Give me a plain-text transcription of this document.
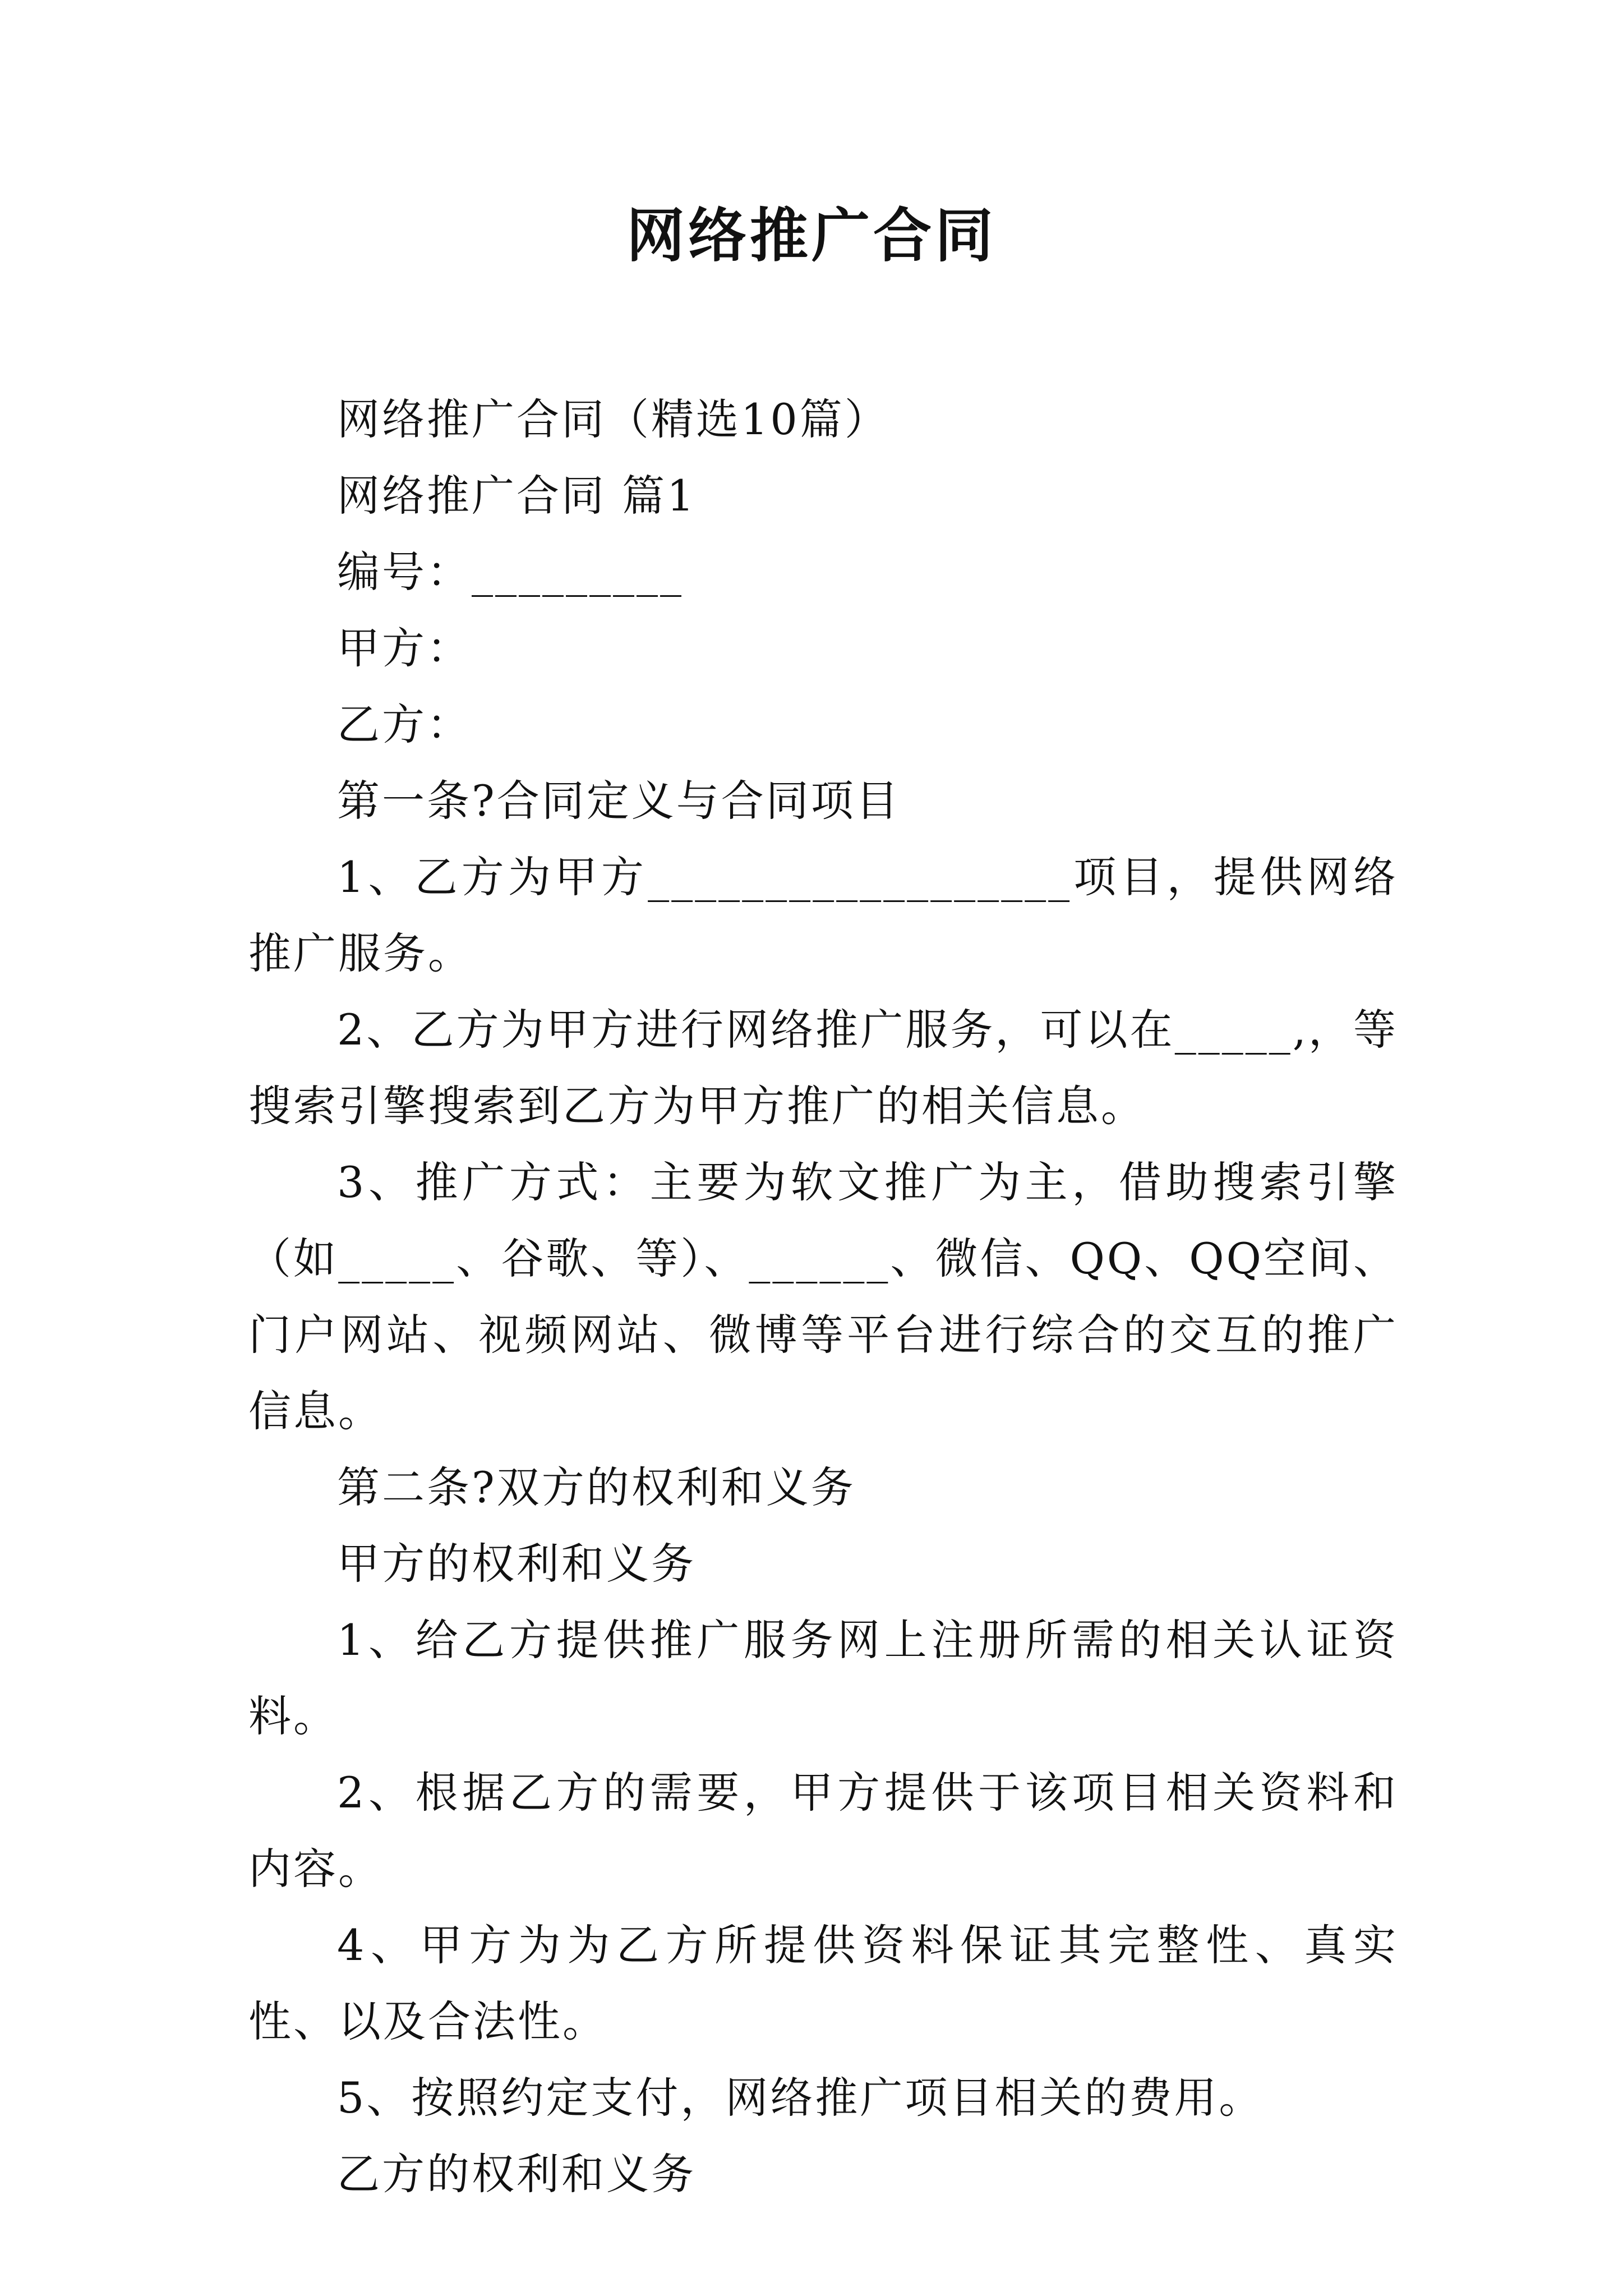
网络推广合同

网络推广合同（精选10篇）

网络推广合同 篇1

编号：_________

甲方：

乙方：

第一条?合同定义与合同项目

1、乙方为甲方__________________项目，提供网络推广服务。

2、乙方为甲方进行网络推广服务，可以在_____,，等搜索引擎搜索到乙方为甲方推广的相关信息。

3、推广方式：主要为软文推广为主，借助搜索引擎（如_____、谷歌、等）、______、微信、QQ、QQ空间、门户网站、视频网站、微博等平台进行综合的交互的推广信息。

第二条?双方的权利和义务

甲方的权利和义务

1、给乙方提供推广服务网上注册所需的相关认证资料。

2、根据乙方的需要，甲方提供于该项目相关资料和内容。

4、甲方为为乙方所提供资料保证其完整性、真实性、以及合法性。

5、按照约定支付，网络推广项目相关的费用。

乙方的权利和义务
